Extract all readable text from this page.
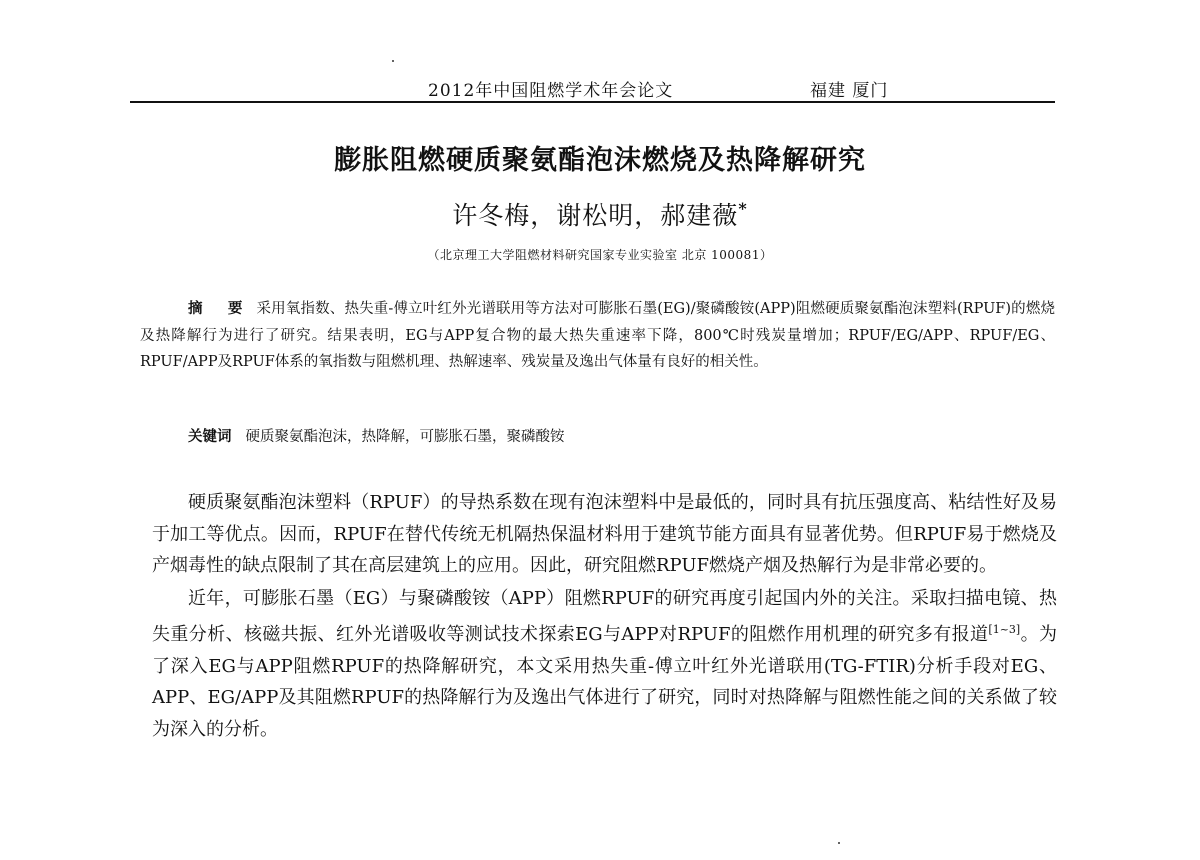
2012年中国阻燃学术年会论文	福建 厦门
膨胀阻燃硬质聚氨酯泡沫燃烧及热降解研究
许冬梅，谢松明，郝建薇*
（北京理工大学阻燃材料研究国家专业实验室 北京 100081）
摘 要 采用氧指数、热失重-傅立叶红外光谱联用等方法对可膨胀石墨(EG)/聚磷酸铵(APP)阻燃硬质聚氨酯泡沫塑料(RPUF)的燃烧及热降解行为进行了研究。结果表明，EG与APP复合物的最大热失重速率下降，800℃时残炭量增加；RPUF/EG/APP、RPUF/EG、RPUF/APP及RPUF体系的氧指数与阻燃机理、热解速率、残炭量及逸出气体量有良好的相关性。
关键词 硬质聚氨酯泡沫，热降解，可膨胀石墨，聚磷酸铵

硬质聚氨酯泡沫塑料（RPUF）的导热系数在现有泡沫塑料中是最低的，同时具有抗压强度高、粘结性好及易于加工等优点。因而，RPUF在替代传统无机隔热保温材料用于建筑节能方面具有显著优势。但RPUF易于燃烧及产烟毒性的缺点限制了其在高层建筑上的应用。因此，研究阻燃RPUF燃烧产烟及热解行为是非常必要的。

近年，可膨胀石墨（EG）与聚磷酸铵（APP）阻燃RPUF的研究再度引起国内外的关注。采取扫描电镜、热失重分析、核磁共振、红外光谱吸收等测试技术探索EG与APP对RPUF的阻燃作用机理的研究多有报道[1~3]。为了深入EG与APP阻燃RPUF的热降解研究，本文采用热失重-傅立叶红外光谱联用(TG-FTIR)分析手段对EG、APP、EG/APP及其阻燃RPUF的热降解行为及逸出气体进行了研究，同时对热降解与阻燃性能之间的关系做了较为深入的分析。
